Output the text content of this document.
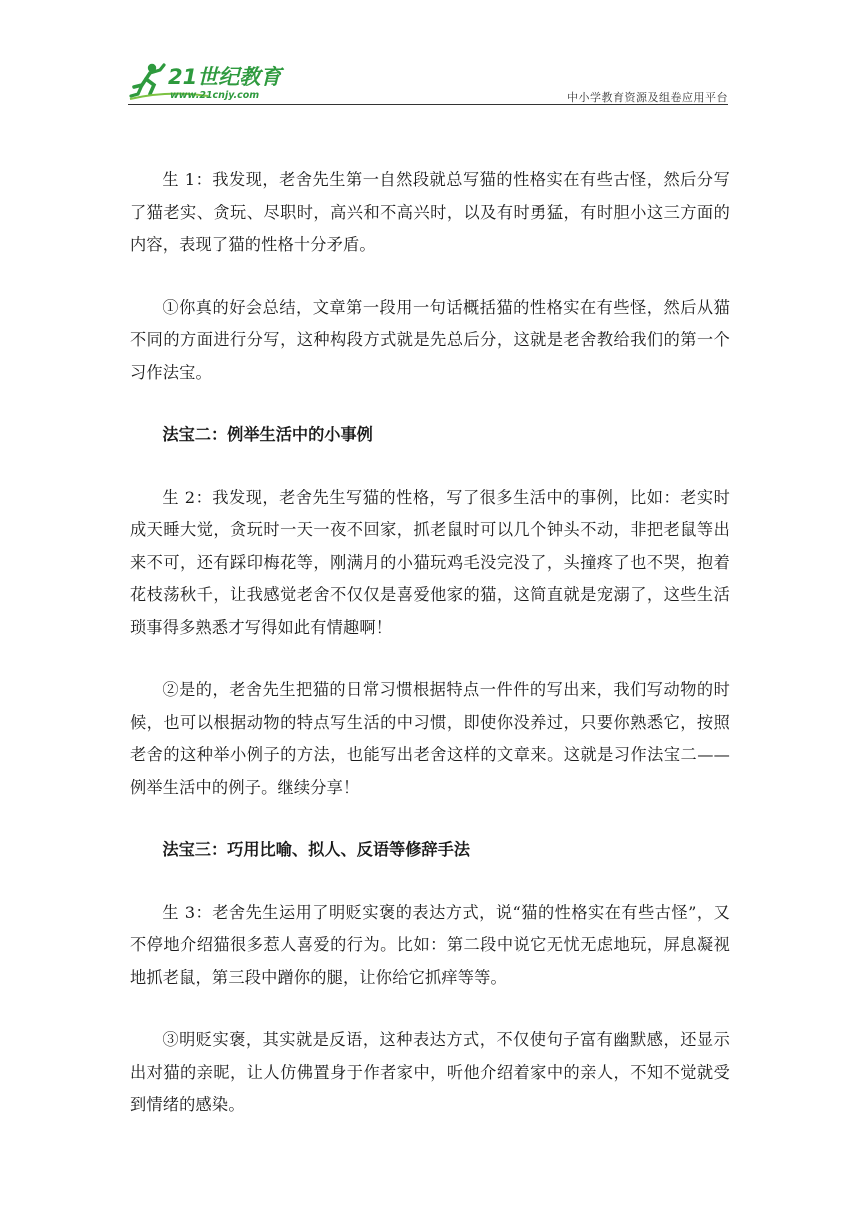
21世纪教育
www.21cnjy.com	中小学教育资源及组卷应用平台

生 1：我发现，老舍先生第一自然段就总写猫的性格实在有些古怪，然后分写了猫老实、贪玩、尽职时，高兴和不高兴时，以及有时勇猛，有时胆小这三方面的内容，表现了猫的性格十分矛盾。

①你真的好会总结，文章第一段用一句话概括猫的性格实在有些怪，然后从猫不同的方面进行分写，这种构段方式就是先总后分，这就是老舍教给我们的第一个习作法宝。

法宝二：例举生活中的小事例

生 2：我发现，老舍先生写猫的性格，写了很多生活中的事例，比如：老实时成天睡大觉，贪玩时一天一夜不回家，抓老鼠时可以几个钟头不动，非把老鼠等出来不可，还有踩印梅花等，刚满月的小猫玩鸡毛没完没了，头撞疼了也不哭，抱着花枝荡秋千，让我感觉老舍不仅仅是喜爱他家的猫，这简直就是宠溺了，这些生活琐事得多熟悉才写得如此有情趣啊！

②是的，老舍先生把猫的日常习惯根据特点一件件的写出来，我们写动物的时候，也可以根据动物的特点写生活的中习惯，即使你没养过，只要你熟悉它，按照老舍的这种举小例子的方法，也能写出老舍这样的文章来。这就是习作法宝二——例举生活中的例子。继续分享！

法宝三：巧用比喻、拟人、反语等修辞手法

生 3：老舍先生运用了明贬实褒的表达方式，说“猫的性格实在有些古怪”，又不停地介绍猫很多惹人喜爱的行为。比如：第二段中说它无忧无虑地玩，屏息凝视地抓老鼠，第三段中蹭你的腿，让你给它抓痒等等。

③明贬实褒，其实就是反语，这种表达方式，不仅使句子富有幽默感，还显示出对猫的亲昵，让人仿佛置身于作者家中，听他介绍着家中的亲人，不知不觉就受到情绪的感染。
